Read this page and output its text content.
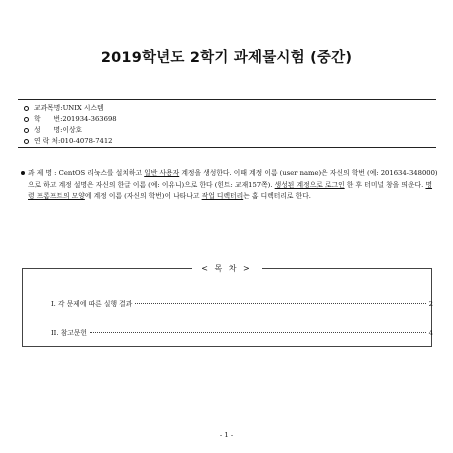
2019학년도 2학기 과제물시험 (중간)
교과목명 : UNIX 시스템
학      번 : 201934-363698
성      명 : 이상호
연 락 처 : 010-4078-7412
과 제 명 : CentOS 리눅스를 설치하고 일반 사용자 계정을 생성한다. 이때 계정 이름 (user name)은 자신의 학번 (예: 201634-348000)으로 하고 계정 설명은 자신의 한글 이름 (예: 이유니)으로 한다 (힌트: 교재157쪽). 생성된 계정으로 로그인 한 후 터미널 창을 띄운다. 명령 프롬프트의 모양에 계정 이름 (자신의 학번)이 나타나고 작업 디렉터리는 홈 디렉터리로 한다.
< 목 차 >
I. 각 문제에 따른 실행 결과	2
II. 참고문헌	4
- 1 -
